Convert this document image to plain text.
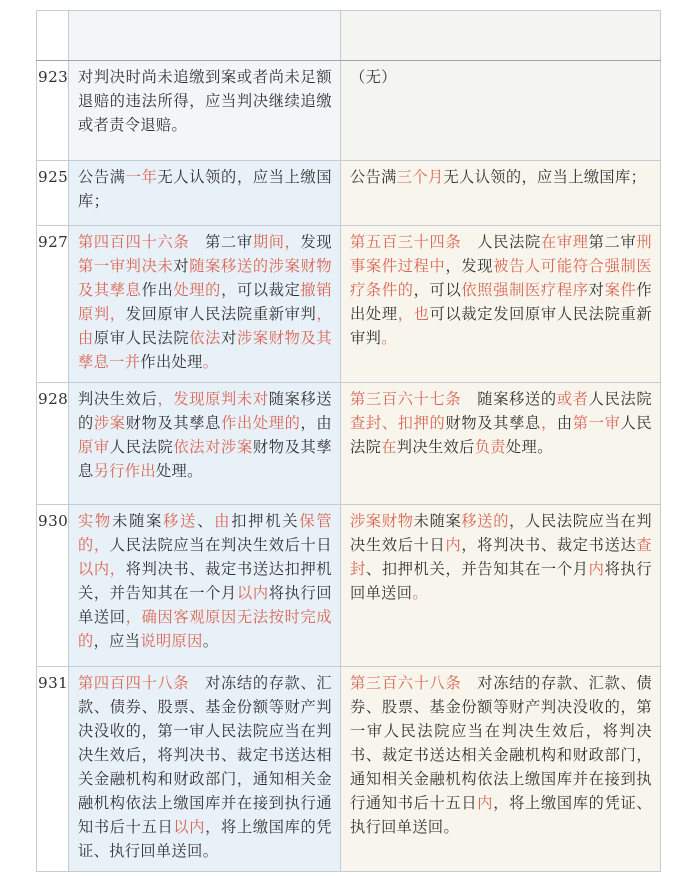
923	对判决时尚未追缴到案或者尚未足额退赔的违法所得，应当判决继续追缴或者责令退赔。	（无）
925	公告满一年无人认领的，应当上缴国库；	公告满三个月无人认领的，应当上缴国库；
927	第四百四十六条　第二审期间，发现第一审判决未对随案移送的涉案财物及其孳息作出处理的，可以裁定撤销原判，发回原审人民法院重新审判，由原审人民法院依法对涉案财物及其孳息一并作出处理。	第五百三十四条　人民法院在审理第二审刑事案件过程中，发现被告人可能符合强制医疗条件的，可以依照强制医疗程序对案件作出处理，也可以裁定发回原审人民法院重新审判。
928	判决生效后，发现原判未对随案移送的涉案财物及其孳息作出处理的，由原审人民法院依法对涉案财物及其孳息另行作出处理。	第三百六十七条　随案移送的或者人民法院查封、扣押的财物及其孳息，由第一审人民法院在判决生效后负责处理。
930	实物未随案移送、由扣押机关保管的，人民法院应当在判决生效后十日以内，将判决书、裁定书送达扣押机关，并告知其在一个月以内将执行回单送回，确因客观原因无法按时完成的，应当说明原因。	涉案财物未随案移送的，人民法院应当在判决生效后十日内，将判决书、裁定书送达查封、扣押机关，并告知其在一个月内将执行回单送回。
931	第四百四十八条　对冻结的存款、汇款、债券、股票、基金份额等财产判决没收的，第一审人民法院应当在判决生效后，将判决书、裁定书送达相关金融机构和财政部门，通知相关金融机构依法上缴国库并在接到执行通知书后十五日以内，将上缴国库的凭证、执行回单送回。	第三百六十八条　对冻结的存款、汇款、债券、股票、基金份额等财产判决没收的，第一审人民法院应当在判决生效后，将判决书、裁定书送达相关金融机构和财政部门，通知相关金融机构依法上缴国库并在接到执行通知书后十五日内，将上缴国库的凭证、执行回单送回。
